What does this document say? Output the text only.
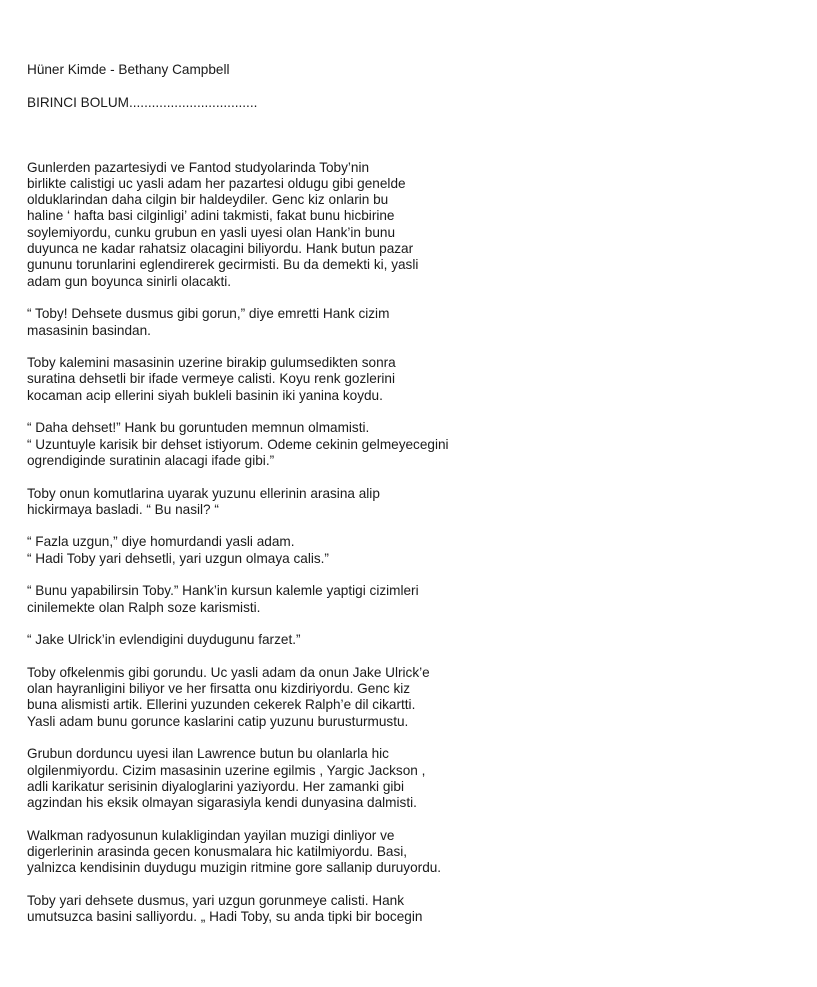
Hüner Kimde - Bethany Campbell

BIRINCI BOLUM..................................

Gunlerden pazartesiydi ve Fantod studyolarinda Toby’nin
birlikte calistigi uc yasli adam her pazartesi oldugu gibi genelde
olduklarindan daha cilgin bir haldeydiler. Genc kiz onlarin bu
haline ‘ hafta basi cilginligi’ adini takmisti, fakat bunu hicbirine
soylemiyordu, cunku grubun en yasli uyesi olan Hank’in bunu
duyunca ne kadar rahatsiz olacagini biliyordu. Hank butun pazar
gununu torunlarini eglendirerek gecirmisti. Bu da demekti ki, yasli
adam gun boyunca sinirli olacakti.

“ Toby! Dehsete dusmus gibi gorun,” diye emretti Hank cizim
masasinin basindan.

Toby kalemini masasinin uzerine birakip gulumsedikten sonra
suratina dehsetli bir ifade vermeye calisti. Koyu renk gozlerini
kocaman acip ellerini siyah bukleli basinin iki yanina koydu.

“ Daha dehset!” Hank bu goruntuden memnun olmamisti.
“ Uzuntuyle karisik bir dehset istiyorum. Odeme cekinin gelmeyecegini
ogrendiginde suratinin alacagi ifade gibi.”

Toby onun komutlarina uyarak yuzunu ellerinin arasina alip
hickirmaya basladi. “ Bu nasil? “

“ Fazla uzgun,” diye homurdandi yasli adam.
“ Hadi Toby yari dehsetli, yari uzgun olmaya calis.”

“ Bunu yapabilirsin Toby.” Hank’in kursun kalemle yaptigi cizimleri
cinilemekte olan Ralph soze karismisti.

“ Jake Ulrick’in evlendigini duydugunu farzet.”

Toby ofkelenmis gibi gorundu. Uc yasli adam da onun Jake Ulrick’e
olan hayranligini biliyor ve her firsatta onu kizdiriyordu. Genc kiz
buna alismisti artik. Ellerini yuzunden cekerek Ralph’e dil cikartti.
Yasli adam bunu gorunce kaslarini catip yuzunu burusturmustu.

Grubun dorduncu uyesi ilan Lawrence butun bu olanlarla hic
olgilenmiyordu. Cizim masasinin uzerine egilmis , Yargic Jackson ,
adli karikatur serisinin diyaloglarini yaziyordu. Her zamanki gibi
agzindan his eksik olmayan sigarasiyla kendi dunyasina dalmisti.

Walkman radyosunun kulakligindan yayilan muzigi dinliyor ve
digerlerinin arasinda gecen konusmalara hic katilmiyordu. Basi,
yalnizca kendisinin duydugu muzigin ritmine gore sallanip duruyordu.

Toby yari dehsete dusmus, yari uzgun gorunmeye calisti. Hank
umutsuzca basini salliyordu. „ Hadi Toby, su anda tipki bir bocegin
